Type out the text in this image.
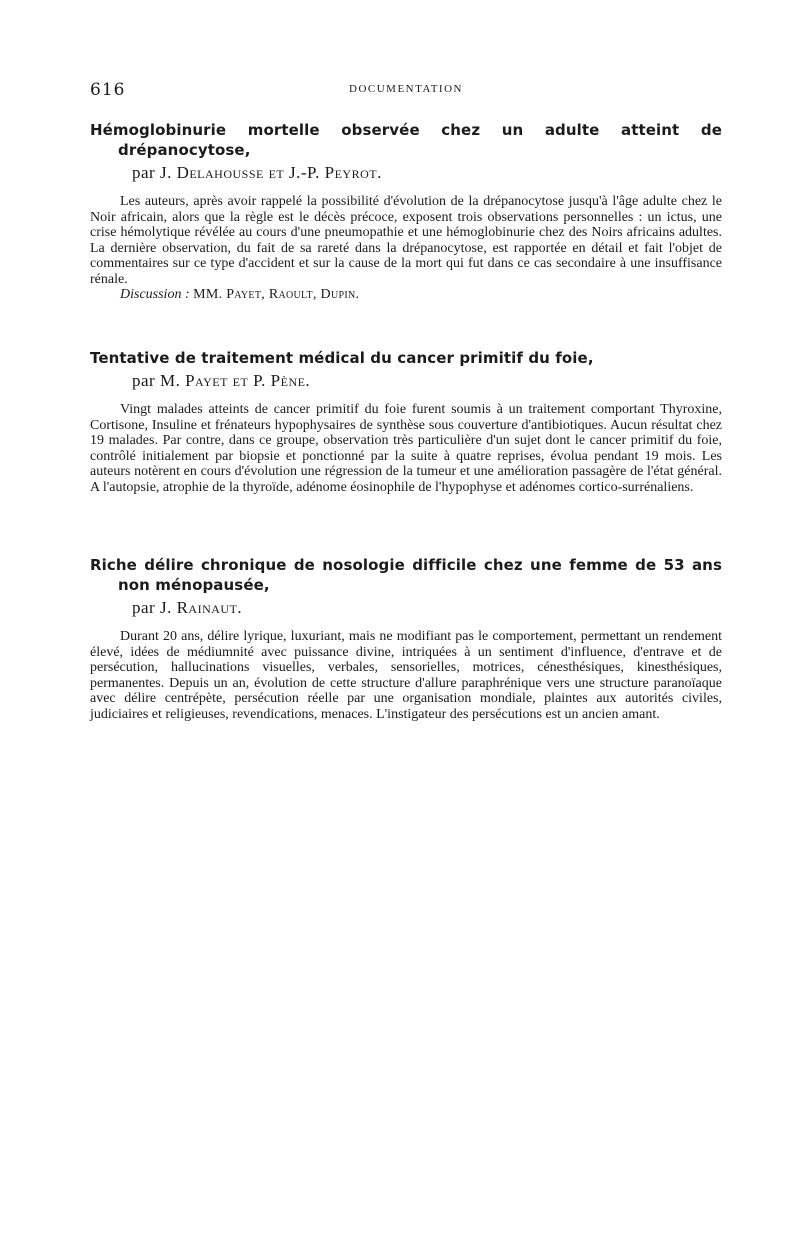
616	DOCUMENTATION

Hémoglobinurie mortelle observée chez un adulte atteint de drépanocytose,

par J. Delahousse et J.-P. Peyrot.

Les auteurs, après avoir rappelé la possibilité d'évolution de la drépanocytose jusqu'à l'âge adulte chez le Noir africain, alors que la règle est le décès précoce, exposent trois observations personnelles : un ictus, une crise hémolytique révélée au cours d'une pneumopathie et une hémoglobinurie chez des Noirs africains adultes. La dernière observation, du fait de sa rareté dans la drépanocytose, est rapportée en détail et fait l'objet de commentaires sur ce type d'accident et sur la cause de la mort qui fut dans ce cas secondaire à une insuffisance rénale.

Discussion : MM. Payet, Raoult, Dupin.

Tentative de traitement médical du cancer primitif du foie,

par M. Payet et P. Pène.

Vingt malades atteints de cancer primitif du foie furent soumis à un traitement comportant Thyroxine, Cortisone, Insuline et frénateurs hypophysaires de synthèse sous couverture d'antibiotiques. Aucun résultat chez 19 malades. Par contre, dans ce groupe, observation très particulière d'un sujet dont le cancer primitif du foie, contrôlé initialement par biopsie et ponctionné par la suite à quatre reprises, évolua pendant 19 mois. Les auteurs notèrent en cours d'évolution une régression de la tumeur et une amélioration passagère de l'état général. A l'autopsie, atrophie de la thyroïde, adénome éosinophile de l'hypophyse et adénomes cortico-surrénaliens.

Riche délire chronique de nosologie difficile chez une femme de 53 ans non ménopausée,

par J. Rainaut.

Durant 20 ans, délire lyrique, luxuriant, mais ne modifiant pas le comportement, permettant un rendement élevé, idées de médiumnité avec puissance divine, intriquées à un sentiment d'influence, d'entrave et de persécution, hallucinations visuelles, verbales, sensorielles, motrices, cénesthésiques, kinesthésiques, permanentes. Depuis un an, évolution de cette structure d'allure paraphrénique vers une structure paranoïaque avec délire centrépète, persécution réelle par une organisation mondiale, plaintes aux autorités civiles, judiciaires et religieuses, revendications, menaces. L'instigateur des persécutions est un ancien amant.
